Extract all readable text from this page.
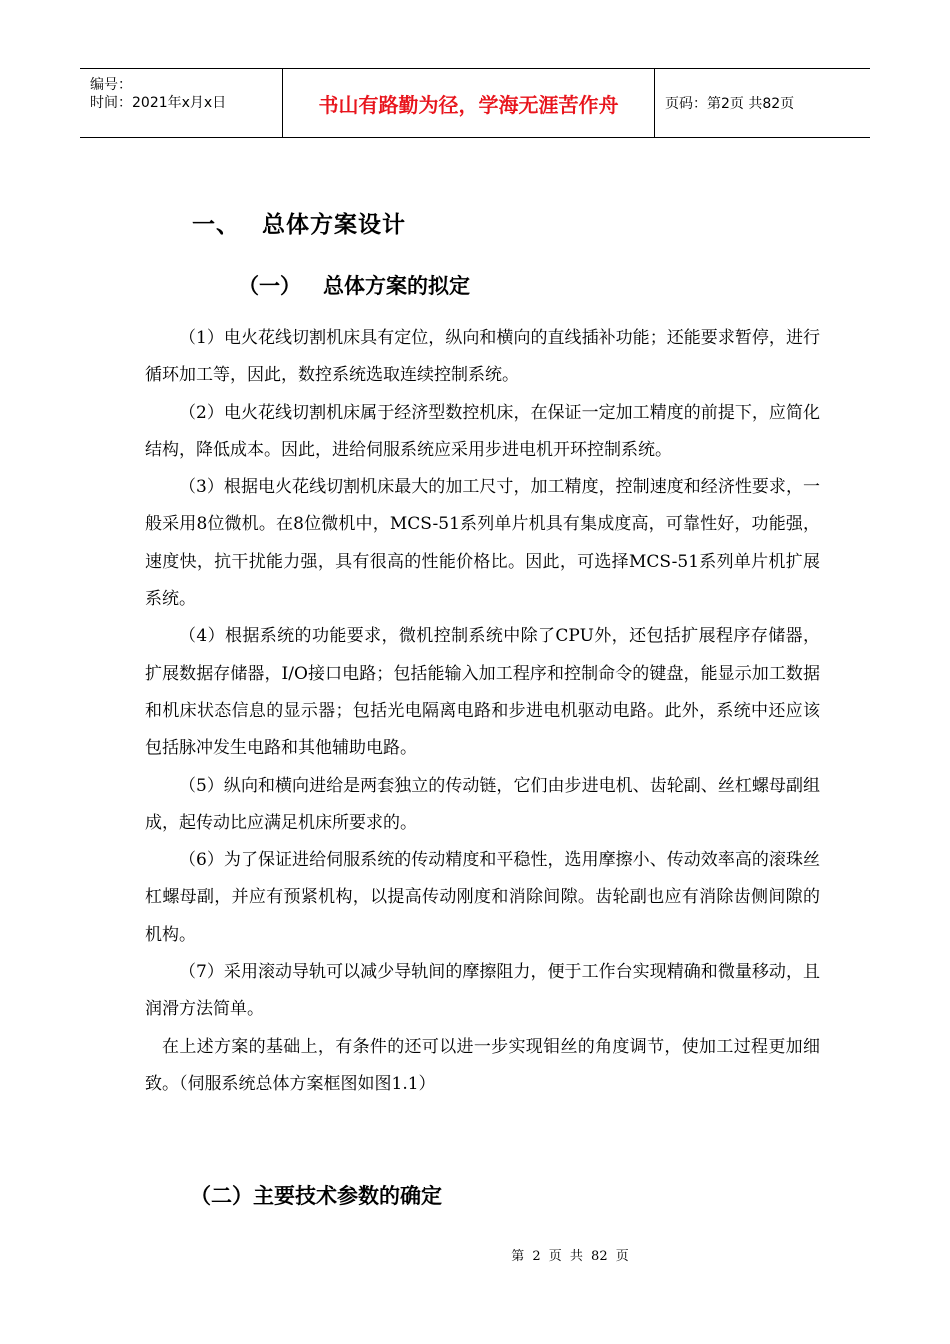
编号：
时间：2021年x月x日	书山有路勤为径，学海无涯苦作舟	页码：第2页 共82页
一、 总体方案设计
（一） 总体方案的拟定

（1）电火花线切割机床具有定位，纵向和横向的直线插补功能；还能要求暂停，进行循环加工等，因此，数控系统选取连续控制系统。

（2）电火花线切割机床属于经济型数控机床，在保证一定加工精度的前提下，应简化结构，降低成本。因此，进给伺服系统应采用步进电机开环控制系统。

（3）根据电火花线切割机床最大的加工尺寸，加工精度，控制速度和经济性要求，一般采用8位微机。在8位微机中，MCS-51系列单片机具有集成度高，可靠性好，功能强，速度快，抗干扰能力强，具有很高的性能价格比。因此，可选择MCS-51系列单片机扩展系统。

（4）根据系统的功能要求，微机控制系统中除了CPU外，还包括扩展程序存储器，扩展数据存储器，I/O接口电路；包括能输入加工程序和控制命令的键盘，能显示加工数据和机床状态信息的显示器；包括光电隔离电路和步进电机驱动电路。此外，系统中还应该包括脉冲发生电路和其他辅助电路。

（5）纵向和横向进给是两套独立的传动链，它们由步进电机、齿轮副、丝杠螺母副组成，起传动比应满足机床所要求的。

（6）为了保证进给伺服系统的传动精度和平稳性，选用摩擦小、传动效率高的滚珠丝杠螺母副，并应有预紧机构，以提高传动刚度和消除间隙。齿轮副也应有消除齿侧间隙的机构。

（7）采用滚动导轨可以减少导轨间的摩擦阻力，便于工作台实现精确和微量移动，且润滑方法简单。

在上述方案的基础上，有条件的还可以进一步实现钼丝的角度调节，使加工过程更加细致。（伺服系统总体方案框图如图1.1）

（二）主要技术参数的确定
第 2 页 共 82 页
